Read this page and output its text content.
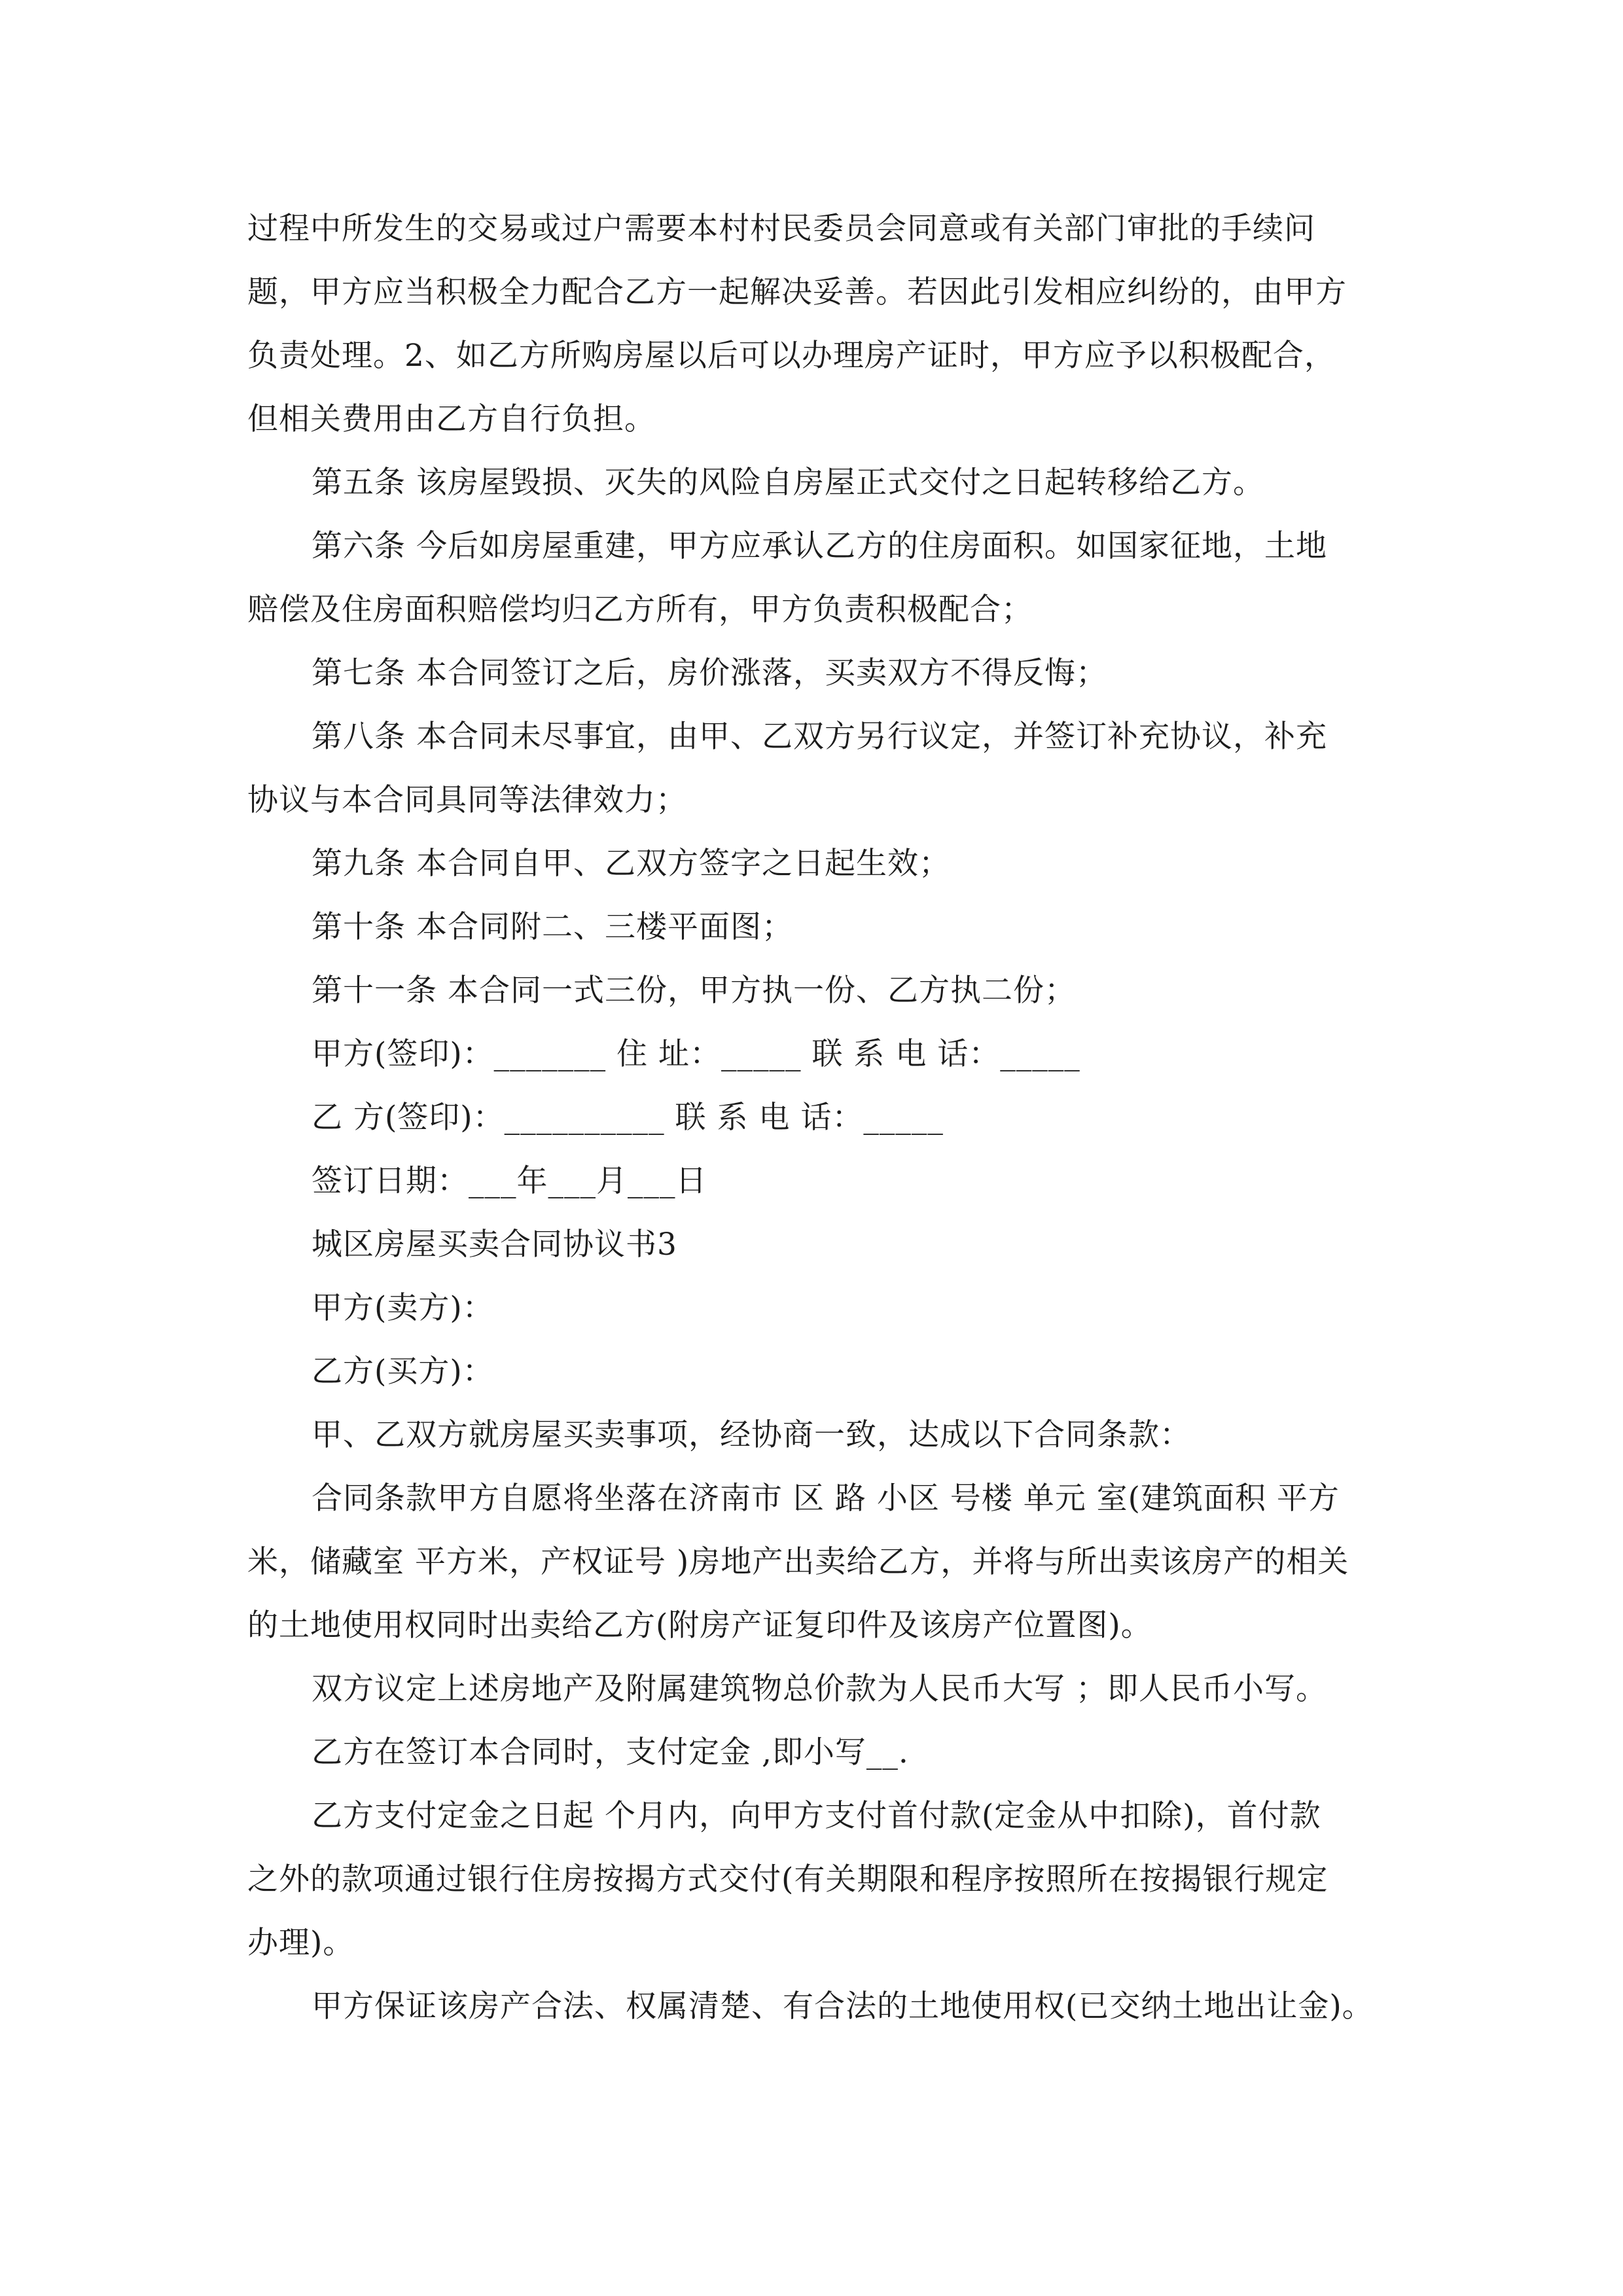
过程中所发生的交易或过户需要本村村民委员会同意或有关部门审批的手续问
题，甲方应当积极全力配合乙方一起解决妥善。若因此引发相应纠纷的，由甲方
负责处理。2、如乙方所购房屋以后可以办理房产证时，甲方应予以积极配合，
但相关费用由乙方自行负担。
第五条 该房屋毁损、灭失的风险自房屋正式交付之日起转移给乙方。
第六条 今后如房屋重建，甲方应承认乙方的住房面积。如国家征地，土地
赔偿及住房面积赔偿均归乙方所有，甲方负责积极配合；
第七条 本合同签订之后，房价涨落，买卖双方不得反悔；
第八条 本合同未尽事宜，由甲、乙双方另行议定，并签订补充协议，补充
协议与本合同具同等法律效力；
第九条 本合同自甲、乙双方签字之日起生效；
第十条 本合同附二、三楼平面图；
第十一条 本合同一式三份，甲方执一份、乙方执二份；
甲方(签印)：_______ 住 址：_____ 联 系 电 话：_____
乙 方(签印)：__________ 联 系 电 话：_____
签订日期：___年___月___日
城区房屋买卖合同协议书3
甲方(卖方)：
乙方(买方)：
甲、乙双方就房屋买卖事项，经协商一致，达成以下合同条款：
合同条款甲方自愿将坐落在济南市 区 路 小区 号楼 单元 室(建筑面积 平方
米，储藏室 平方米，产权证号 )房地产出卖给乙方，并将与所出卖该房产的相关
的土地使用权同时出卖给乙方(附房产证复印件及该房产位置图)。
双方议定上述房地产及附属建筑物总价款为人民币大写 ；即人民币小写。
乙方在签订本合同时，支付定金 ,即小写__.
乙方支付定金之日起 个月内，向甲方支付首付款(定金从中扣除)，首付款
之外的款项通过银行住房按揭方式交付(有关期限和程序按照所在按揭银行规定
办理)。
甲方保证该房产合法、权属清楚、有合法的土地使用权(已交纳土地出让金)。
